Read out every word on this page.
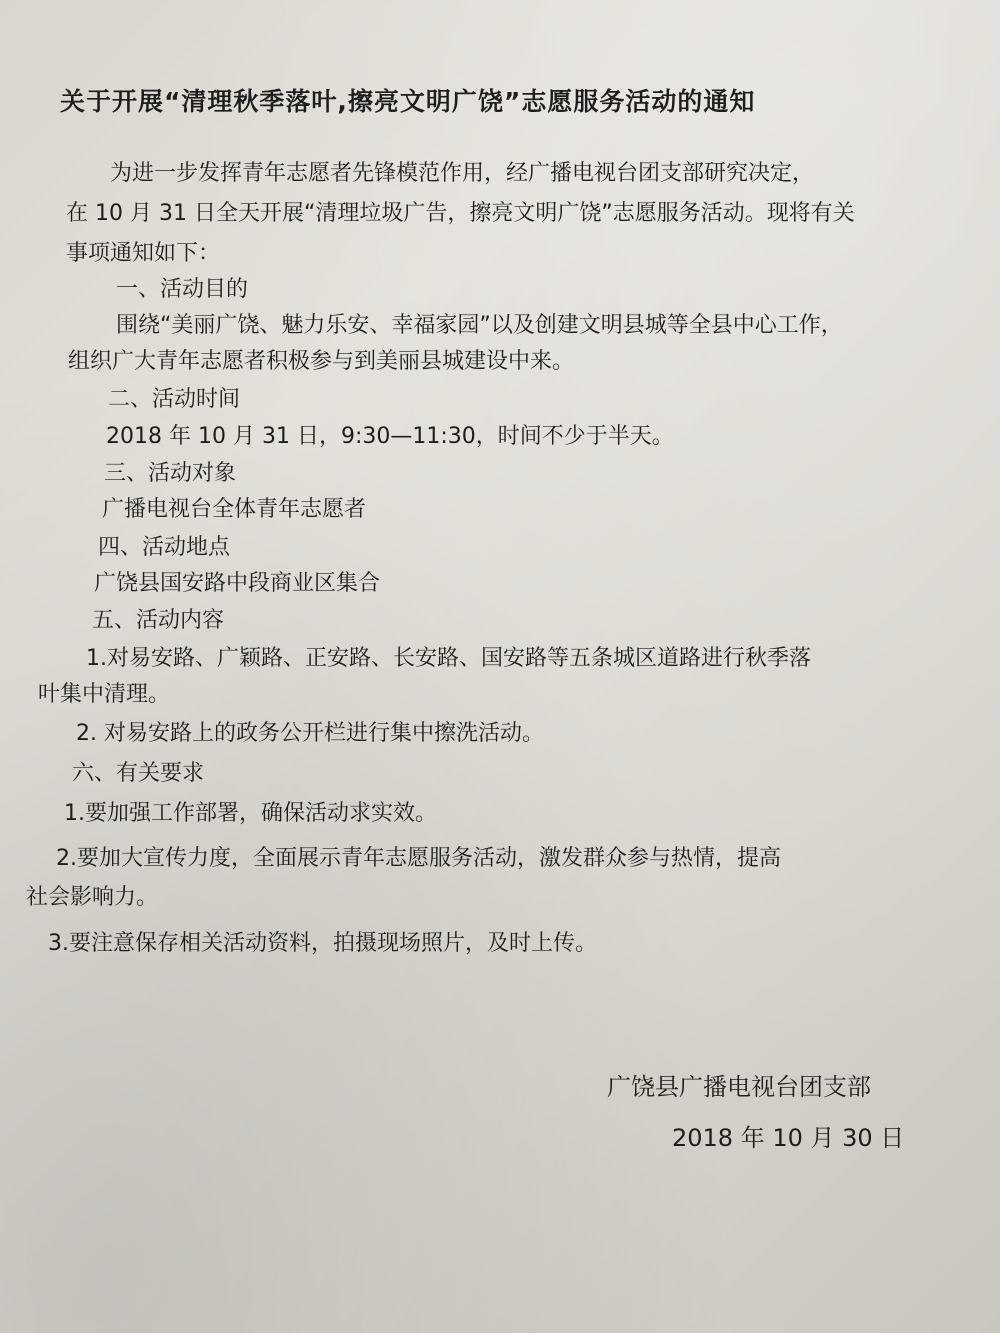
关于开展“清理秋季落叶,擦亮文明广饶”志愿服务活动的通知
为进一步发挥青年志愿者先锋模范作用，经广播电视台团支部研究决定，
在 10 月 31 日全天开展“清理垃圾广告，擦亮文明广饶”志愿服务活动。现将有关
事项通知如下：
一、活动目的
围绕“美丽广饶、魅力乐安、幸福家园”以及创建文明县城等全县中心工作，
组织广大青年志愿者积极参与到美丽县城建设中来。
二、活动时间
2018 年 10 月 31 日，9:30—11:30，时间不少于半天。
三、活动对象
广播电视台全体青年志愿者
四、活动地点
广饶县国安路中段商业区集合
五、活动内容
1.对易安路、广颖路、正安路、长安路、国安路等五条城区道路进行秋季落
叶集中清理。
2. 对易安路上的政务公开栏进行集中擦洗活动。
六、有关要求
1.要加强工作部署，确保活动求实效。
2.要加大宣传力度，全面展示青年志愿服务活动，激发群众参与热情，提高
社会影响力。
3.要注意保存相关活动资料，拍摄现场照片，及时上传。
广饶县广播电视台团支部
2018 年 10 月 30 日
